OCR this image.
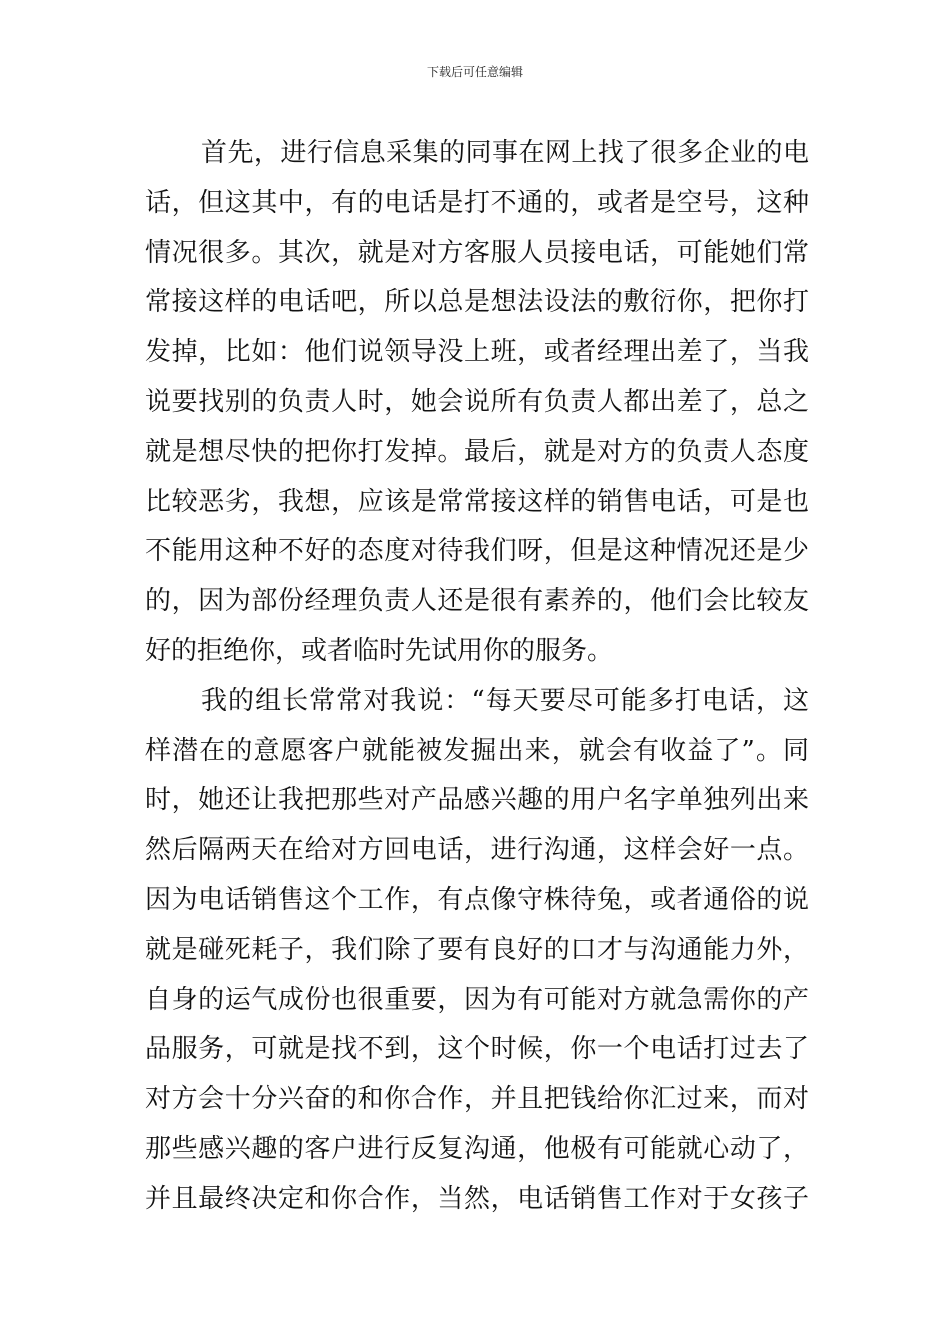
下载后可任意编辑
首先，进行信息采集的同事在网上找了很多企业的电
话，但这其中，有的电话是打不通的，或者是空号，这种
情况很多。其次，就是对方客服人员接电话，可能她们常
常接这样的电话吧，所以总是想法设法的敷衍你，把你打
发掉，比如：他们说领导没上班，或者经理出差了，当我
说要找别的负责人时，她会说所有负责人都出差了，总之
就是想尽快的把你打发掉。最后，就是对方的负责人态度
比较恶劣，我想，应该是常常接这样的销售电话，可是也
不能用这种不好的态度对待我们呀，但是这种情况还是少
的，因为部份经理负责人还是很有素养的，他们会比较友
好的拒绝你，或者临时先试用你的服务。
我的组长常常对我说：“每天要尽可能多打电话，这
样潜在的意愿客户就能被发掘出来，就会有收益了”。同
时，她还让我把那些对产品感兴趣的用户名字单独列出来
然后隔两天在给对方回电话，进行沟通，这样会好一点。
因为电话销售这个工作，有点像守株待兔，或者通俗的说
就是碰死耗子，我们除了要有良好的口才与沟通能力外，
自身的运气成份也很重要，因为有可能对方就急需你的产
品服务，可就是找不到，这个时候，你一个电话打过去了
对方会十分兴奋的和你合作，并且把钱给你汇过来，而对
那些感兴趣的客户进行反复沟通，他极有可能就心动了，
并且最终决定和你合作，当然，电话销售工作对于女孩子
